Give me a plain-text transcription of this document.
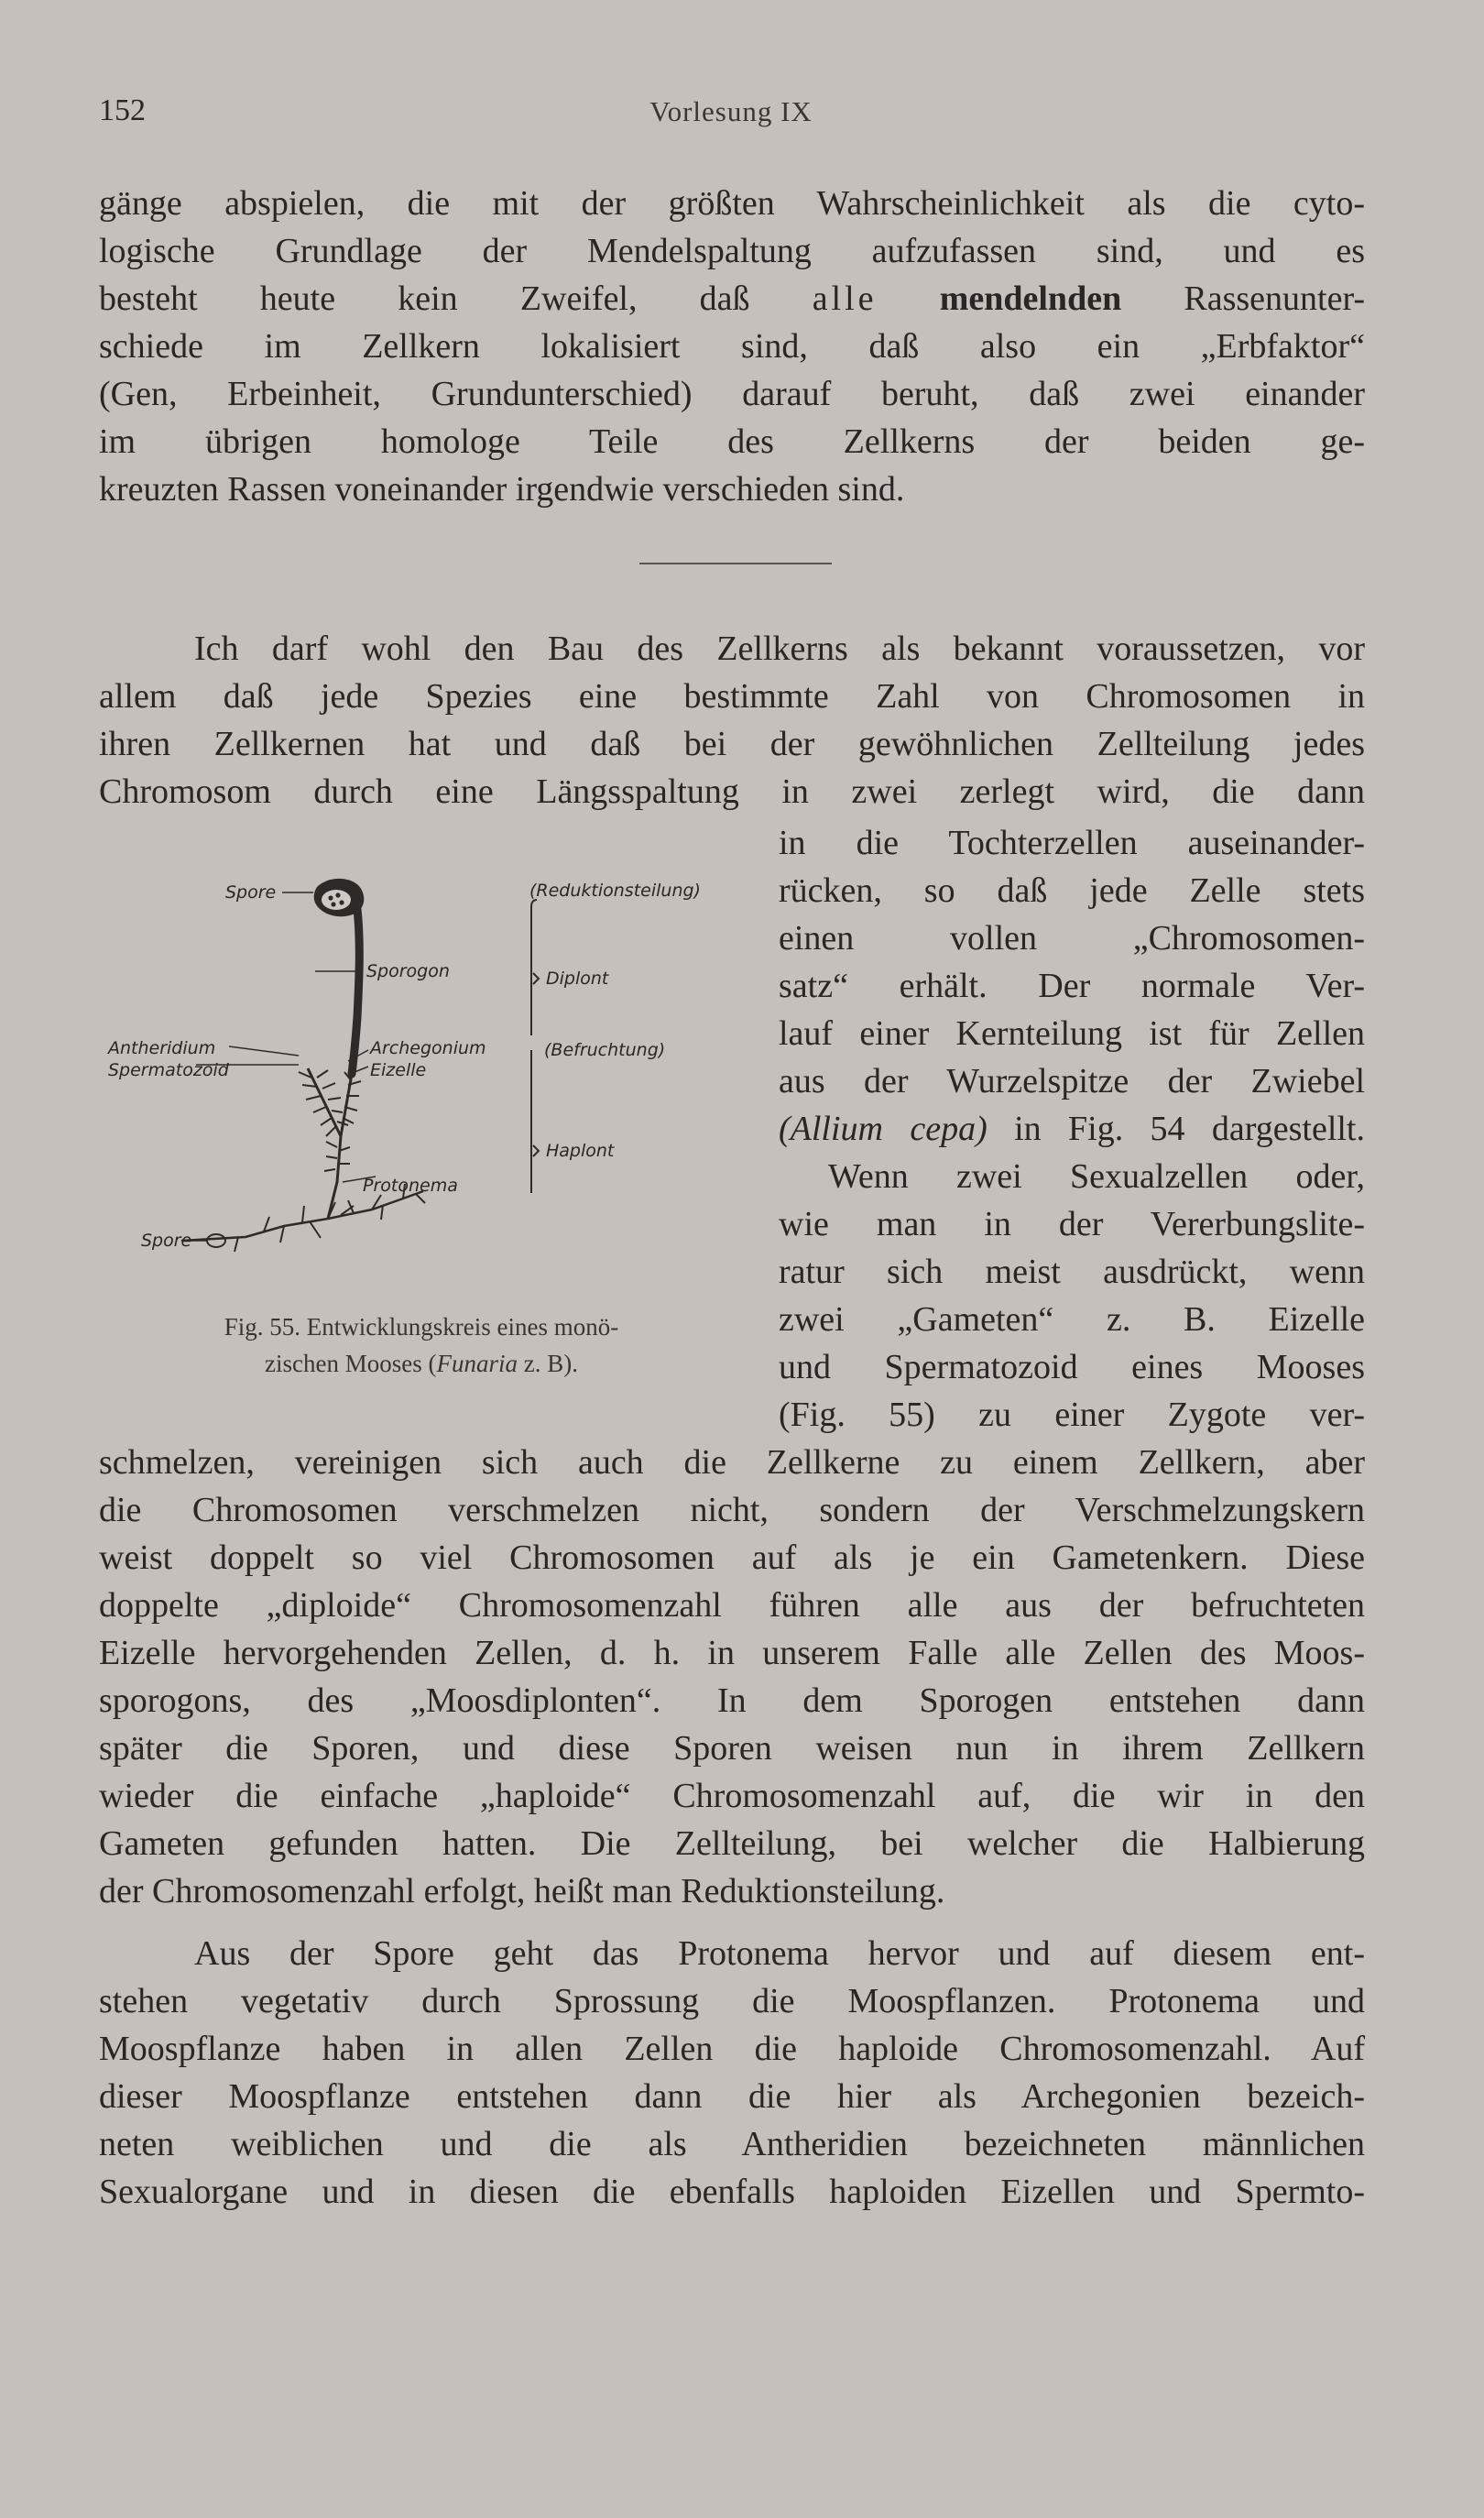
152	Vorlesung IX
gänge abspielen, die mit der größten Wahrscheinlichkeit als die cyto-
logische Grundlage der Mendelspaltung aufzufassen sind, und es
besteht heute kein Zweifel, daß alle mendelnden Rassenunter-
schiede im Zellkern lokalisiert sind, daß also ein „Erbfaktor“
(Gen, Erbeinheit, Grundunterschied) darauf beruht, daß zwei einander
im übrigen homologe Teile des Zellkerns der beiden ge-
kreuzten Rassen voneinander irgendwie verschieden sind.
Ich darf wohl den Bau des Zellkerns als bekannt voraussetzen, vor
allem daß jede Spezies eine bestimmte Zahl von Chromosomen in
ihren Zellkernen hat und daß bei der gewöhnlichen Zellteilung jedes
Chromosom durch eine Längsspaltung in zwei zerlegt wird, die dann
in die Tochterzellen auseinander-
rücken, so daß jede Zelle stets
einen vollen „Chromosomen-
satz“ erhält. Der normale Ver-
lauf einer Kernteilung ist für Zellen
aus der Wurzelspitze der Zwiebel
(Allium cepa) in Fig. 54 dargestellt.
Wenn zwei Sexualzellen oder,
wie man in der Vererbungslite-
ratur sich meist ausdrückt, wenn
zwei „Gameten“ z. B. Eizelle
und Spermatozoid eines Mooses
(Fig. 55) zu einer Zygote ver-
Spore
Sporogon
Antheridium
Spermatozoid
Archegonium
Eizelle
Protonema
Spore
(Reduktionsteilung)
Diplont
(Befruchtung)
Haplont
Fig. 55. Entwicklungskreis eines monö-
zischen Mooses (Funaria z. B).
schmelzen, vereinigen sich auch die Zellkerne zu einem Zellkern, aber
die Chromosomen verschmelzen nicht, sondern der Verschmelzungskern
weist doppelt so viel Chromosomen auf als je ein Gametenkern. Diese
doppelte „diploide“ Chromosomenzahl führen alle aus der befruchteten
Eizelle hervorgehenden Zellen, d. h. in unserem Falle alle Zellen des Moos-
sporogons, des „Moosdiplonten“. In dem Sporogen entstehen dann
später die Sporen, und diese Sporen weisen nun in ihrem Zellkern
wieder die einfache „haploide“ Chromosomenzahl auf, die wir in den
Gameten gefunden hatten. Die Zellteilung, bei welcher die Halbierung
der Chromosomenzahl erfolgt, heißt man Reduktionsteilung.
Aus der Spore geht das Protonema hervor und auf diesem ent-
stehen vegetativ durch Sprossung die Moospflanzen. Protonema und
Moospflanze haben in allen Zellen die haploide Chromosomenzahl. Auf
dieser Moospflanze entstehen dann die hier als Archegonien bezeich-
neten weiblichen und die als Antheridien bezeichneten männlichen
Sexualorgane und in diesen die ebenfalls haploiden Eizellen und Spermto-
